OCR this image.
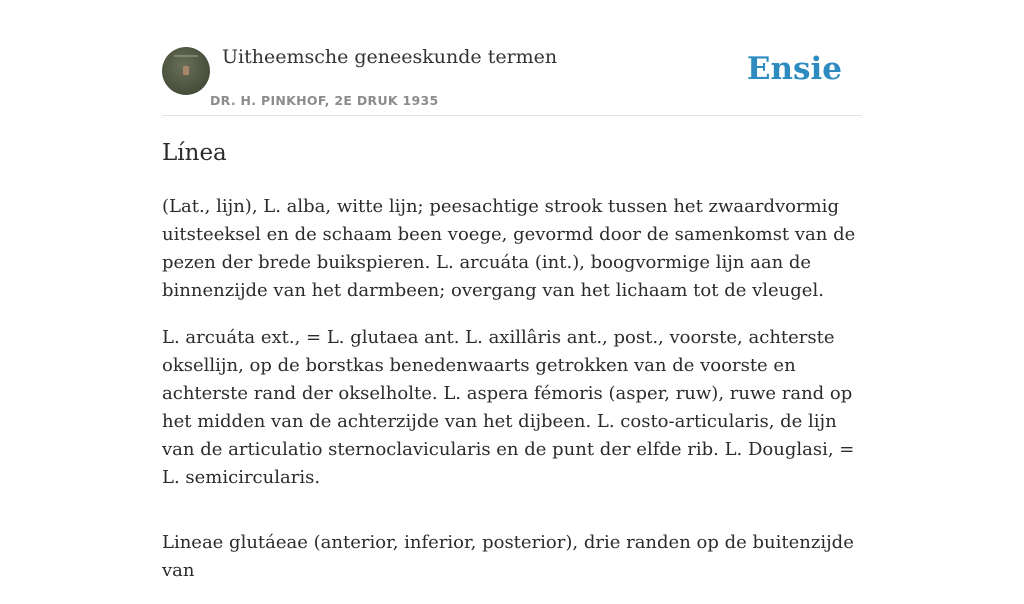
Uitheemsche geneeskunde termen
DR. H. PINKHOF, 2E DRUK 1935
Ensie
Línea

(Lat., lijn), L. alba, witte lijn; peesachtige strook tussen het zwaardvormig uitsteeksel en de schaam been voege, gevormd door de samenkomst van de pezen der brede buikspieren. L. arcuáta (int.), boogvormige lijn aan de binnenzijde van het darmbeen; overgang van het lichaam tot de vleugel.

L. arcuáta ext., = L. glutaea ant. L. axillâris ant., post., voorste, achterste oksellijn, op de borstkas benedenwaarts getrokken van de voorste en achterste rand der okselholte. L. aspera fémoris (asper, ruw), ruwe rand op het midden van de achterzijde van het dijbeen. L. costo-articularis, de lijn van de articulatio sternoclavicularis en de punt der elfde rib. L. Douglasi, = L. semicircularis.

Lineae glutáeae (anterior, inferior, posterior), drie randen op de buitenzijde van
